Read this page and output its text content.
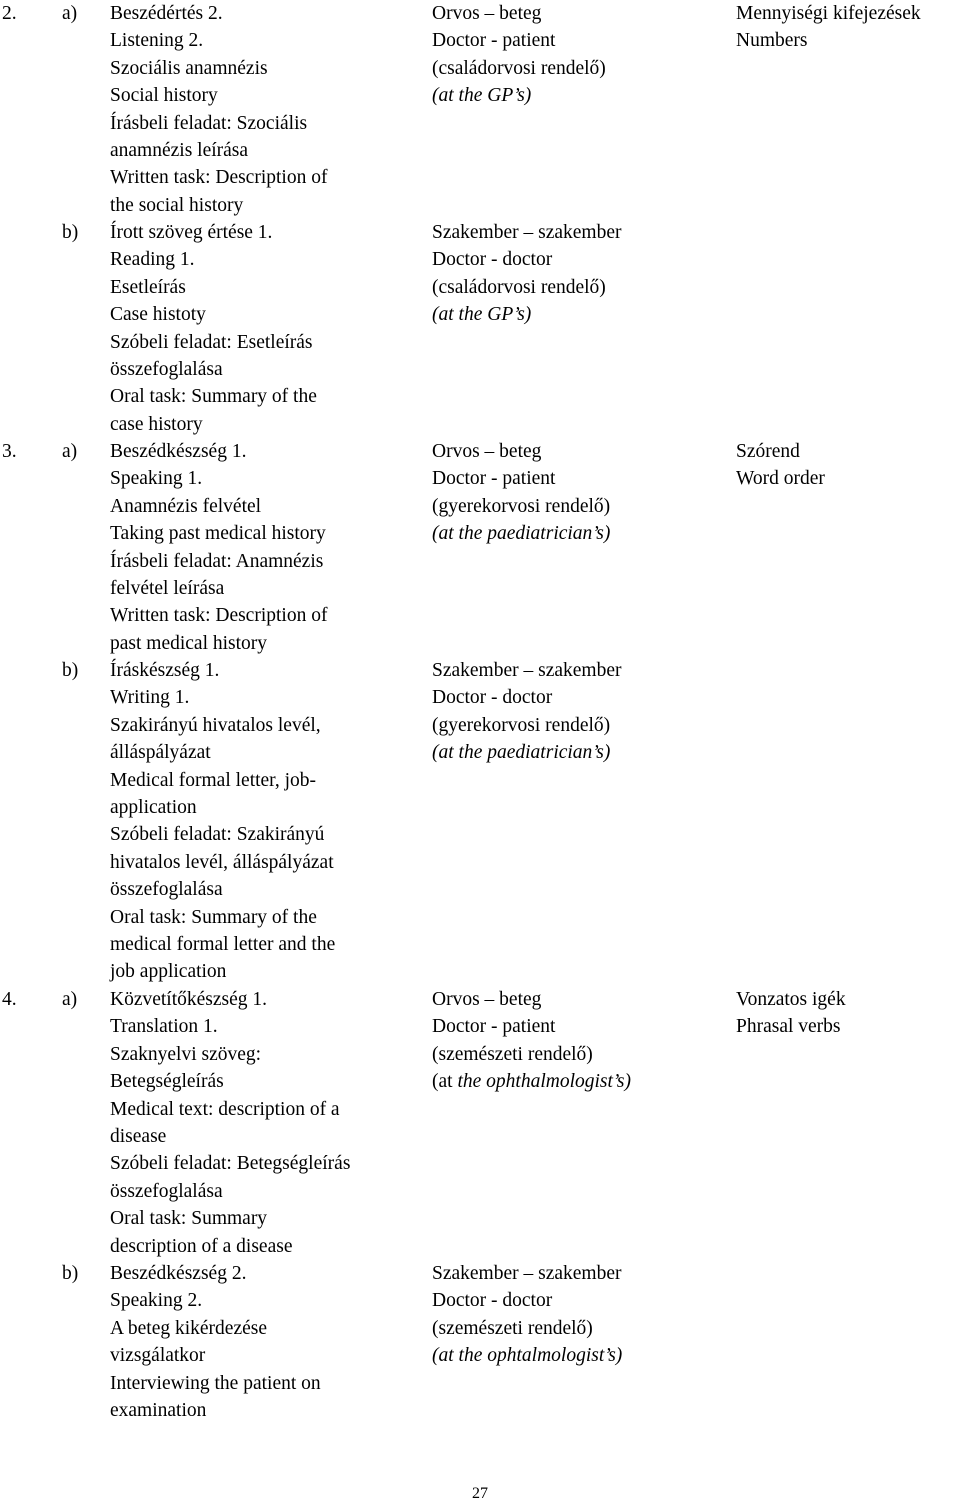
2. a) Beszédértés 2.
Listening 2.
Szociális anamnézis
Social history
Írásbeli feladat: Szociális
anamnézis leírása
Written task: Description of
the social history
Orvos – beteg
Doctor - patient
(családorvosi rendelő)
(at the GP’s)
b) Írott szöveg értése 1.
Reading 1.
Esetleírás
Case histoty
Szóbeli feladat: Esetleírás
összefoglalása
Oral task: Summary of the
case history
Szakember – szakember
Doctor - doctor
(családorvosi rendelő)
(at the GP’s)
Mennyiségi kifejezések
Numbers
3. a) Beszédkészség 1.
Speaking 1.
Anamnézis felvétel
Taking past medical history
Írásbeli feladat: Anamnézis
felvétel leírása
Written task: Description of
past medical history
Orvos – beteg
Doctor - patient
(gyerekorvosi rendelő)
(at the paediatrician’s)
b) Íráskészség 1.
Writing 1.
Szakirányú hivatalos levél,
álláspályázat
Medical formal letter, job-
application
Szóbeli feladat: Szakirányú
hivatalos levél, álláspályázat
összefoglalása
Oral task: Summary of the
medical formal letter and the
job application
Szakember – szakember
Doctor - doctor
(gyerekorvosi rendelő)
(at the paediatrician’s)
Szórend
Word order
4. a) Közvetítőkészség 1.
Translation 1.
Szaknyelvi szöveg:
Betegségleírás
Medical text: description of a
disease
Szóbeli feladat: Betegségleírás
összefoglalása
Oral task: Summary
description of a disease
Orvos – beteg
Doctor - patient
(szemészeti rendelő)
(at the ophthalmologist’s)
b) Beszédkészség 2.
Speaking 2.
A beteg kikérdezése
vizsgálatkor
Interviewing the patient on
examination
Szakember – szakember
Doctor - doctor
(szemészeti rendelő)
(at the ophtalmologist’s)
Vonzatos igék
Phrasal verbs
27
